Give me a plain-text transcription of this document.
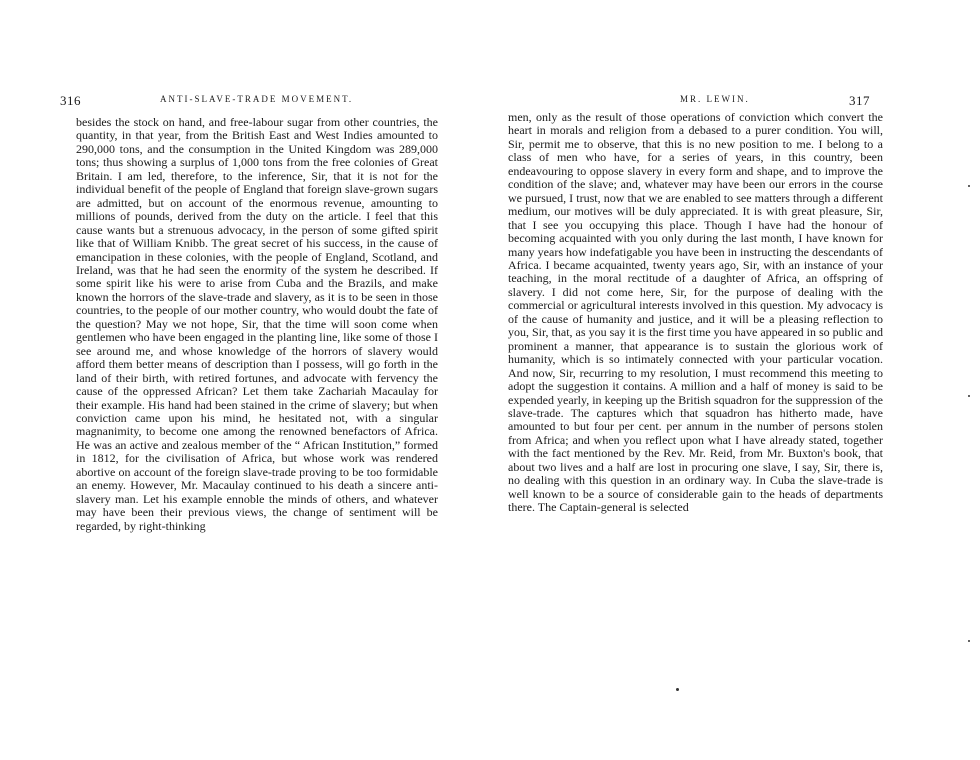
316	ANTI-SLAVE-TRADE MOVEMENT.
besides the stock on hand, and free-labour sugar from other countries, the quantity, in that year, from the British East and West Indies amounted to 290,000 tons, and the consumption in the United Kingdom was 289,000 tons; thus showing a surplus of 1,000 tons from the free colonies of Great Britain. I am led, therefore, to the inference, Sir, that it is not for the individual benefit of the people of England that foreign slave-grown sugars are admitted, but on account of the enormous revenue, amounting to millions of pounds, derived from the duty on the article. I feel that this cause wants but a strenuous advocacy, in the person of some gifted spirit like that of William Knibb. The great secret of his success, in the cause of emancipation in these colonies, with the people of England, Scotland, and Ireland, was that he had seen the enormity of the system he described. If some spirit like his were to arise from Cuba and the Brazils, and make known the horrors of the slave-trade and slavery, as it is to be seen in those countries, to the people of our mother country, who would doubt the fate of the question? May we not hope, Sir, that the time will soon come when gentlemen who have been engaged in the planting line, like some of those I see around me, and whose knowledge of the horrors of slavery would afford them better means of description than I possess, will go forth in the land of their birth, with retired fortunes, and advocate with fervency the cause of the oppressed African? Let them take Zachariah Macaulay for their example. His hand had been stained in the crime of slavery; but when conviction came upon his mind, he hesitated not, with a singular magnanimity, to become one among the renowned benefactors of Africa. He was an active and zealous member of the “ African Institution,” formed in 1812, for the civilisation of Africa, but whose work was rendered abortive on account of the foreign slave-trade proving to be too formidable an enemy. However, Mr. Macaulay continued to his death a sincere anti-slavery man. Let his example ennoble the minds of others, and whatever may have been their previous views, the change of sentiment will be regarded, by right-thinking
MR. LEWIN.	317
men, only as the result of those operations of conviction which convert the heart in morals and religion from a debased to a purer condition. You will, Sir, permit me to observe, that this is no new position to me. I belong to a class of men who have, for a series of years, in this country, been endeavouring to oppose slavery in every form and shape, and to improve the condition of the slave; and, whatever may have been our errors in the course we pursued, I trust, now that we are enabled to see matters through a different medium, our motives will be duly appreciated. It is with great pleasure, Sir, that I see you occupying this place. Though I have had the honour of becoming acquainted with you only during the last month, I have known for many years how indefatigable you have been in instructing the descendants of Africa. I became acquainted, twenty years ago, Sir, with an instance of your teaching, in the moral rectitude of a daughter of Africa, an offspring of slavery. I did not come here, Sir, for the purpose of dealing with the commercial or agricultural interests involved in this question. My advocacy is of the cause of humanity and justice, and it will be a pleasing reflection to you, Sir, that, as you say it is the first time you have appeared in so public and prominent a manner, that appearance is to sustain the glorious work of humanity, which is so intimately connected with your particular vocation. And now, Sir, recurring to my resolution, I must recommend this meeting to adopt the suggestion it contains. A million and a half of money is said to be expended yearly, in keeping up the British squadron for the suppression of the slave-trade. The captures which that squadron has hitherto made, have amounted to but four per cent. per annum in the number of persons stolen from Africa; and when you reflect upon what I have already stated, together with the fact mentioned by the Rev. Mr. Reid, from Mr. Buxton's book, that about two lives and a half are lost in procuring one slave, I say, Sir, there is, no dealing with this question in an ordinary way. In Cuba the slave-trade is well known to be a source of considerable gain to the heads of departments there. The Captain-general is selected
